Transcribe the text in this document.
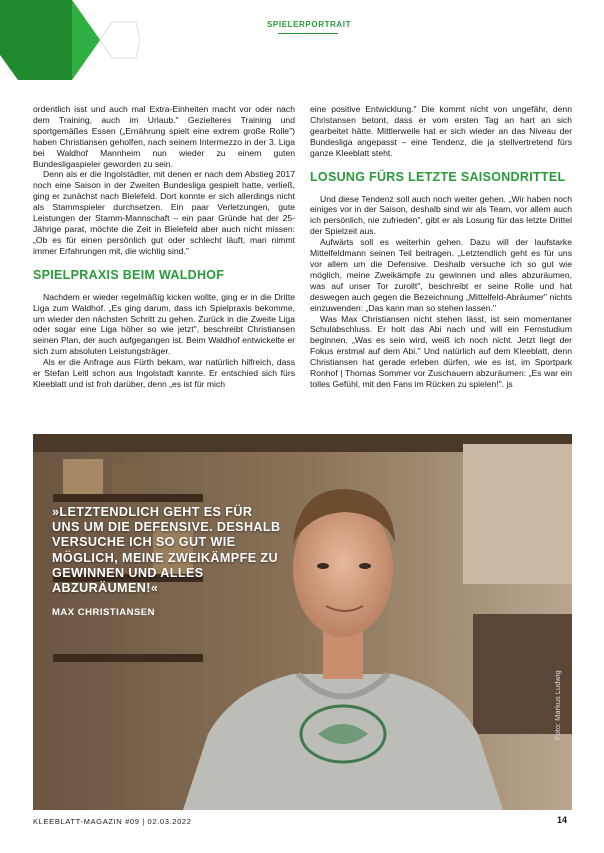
SPIELERPORTRAIT

ordentlich isst und auch mal Extra-Einheiten macht vor oder nach dem Training, auch im Urlaub." Gezielteres Training und sportgemäßes Essen („Ernährung spielt eine extrem große Rolle") haben Christiansen geholfen, nach seinem Intermezzo in der 3. Liga bei Waldhof Mannheim nun wieder zu einem guten Bundesligaspieler geworden zu sein.

Denn als er die Ingolstädter, mit denen er nach dem Abstieg 2017 noch eine Saison in der Zweiten Bundesliga gespielt hatte, verließ, ging er zunächst nach Bielefeld. Dort konnte er sich allerdings nicht als Stammspieler durchsetzen. Ein paar Verletzungen, gute Leistungen der Stamm-Mannschaft – ein paar Gründe hat der 25-Jährige parat, möchte die Zeit in Bielefeld aber auch nicht missen: „Ob es für einen persönlich gut oder schlecht läuft, man nimmt immer Erfahrungen mit, die wichtig sind."

SPIELPRAXIS BEIM WALDHOF

Nachdem er wieder regelmäßig kicken wollte, ging er in die Dritte Liga zum Waldhof. „Es ging darum, dass ich Spielpraxis bekomme, um wieder den nächsten Schritt zu gehen. Zurück in die Zweite Liga oder sogar eine Liga höher so wie jetzt", beschreibt Christiansen seinen Plan, der auch aufgegangen ist. Beim Waldhof entwickelte er sich zum absoluten Leistungsträger.

Als er die Anfrage aus Fürth bekam, war natürlich hilfreich, dass er Stefan Leitl schon aus Ingolstadt kannte. Er entschied sich fürs Kleeblatt und ist froh darüber, denn „es ist für mich

eine positive Entwicklung." Die kommt nicht von ungefähr, denn Christansen betont, dass er vom ersten Tag an hart an sich gearbeitet hätte. Mittlerweile hat er sich wieder an das Niveau der Bundesliga angepasst – eine Tendenz, die ja stellvertretend fürs ganze Kleeblatt steht.

LOSUNG FÜRS LETZTE SAISONDRITTEL

Und diese Tendenz soll auch noch weiter gehen. „Wir haben noch einiges vor in der Saison, deshalb sind wir als Team, vor allem auch ich persönlich, nie zufrieden", gibt er als Losung für das letzte Drittel der Spielzeit aus.

Aufwärts soll es weiterhin gehen. Dazu will der laufstarke Mittelfeldmann seinen Teil beitragen. „Letztendlich geht es für uns vor allem um die Defensive. Deshalb versuche ich so gut wie möglich, meine Zweikämpfe zu gewinnen und alles abzuräumen, was auf unser Tor zurollt", beschreibt er seine Rolle und hat deswegen auch gegen die Bezeichnung „Mittelfeld-Abräumer" nichts einzuwenden: „Das kann man so stehen lassen."

Was Max Christiansen nicht stehen lässt, ist sein momentaner Schulabschluss. Er holt das Abi nach und will ein Fernstudium beginnen. „Was es sein wird, weiß ich noch nicht. Jetzt liegt der Fokus erstmal auf dem Abi." Und natürlich auf dem Kleeblatt, denn Christiansen hat gerade erleben dürfen, wie es ist, im Sportpark Ronhof | Thomas Sommer vor Zuschauern abzuräumen: „Es war ein tolles Gefühl, mit den Fans im Rücken zu spielen!". js

»LETZTENDLICH GEHT ES FÜR UNS UM DIE DEFENSIVE. DESHALB VERSUCHE ICH SO GUT WIE MÖGLICH, MEINE ZWEIKÄMPFE ZU GEWINNEN UND ALLES ABZURÄUMEN!«
MAX CHRISTIANSEN
Foto: Markus Ludwig
KLEEBLATT-MAGAZIN #09 | 02.03.2022	14
